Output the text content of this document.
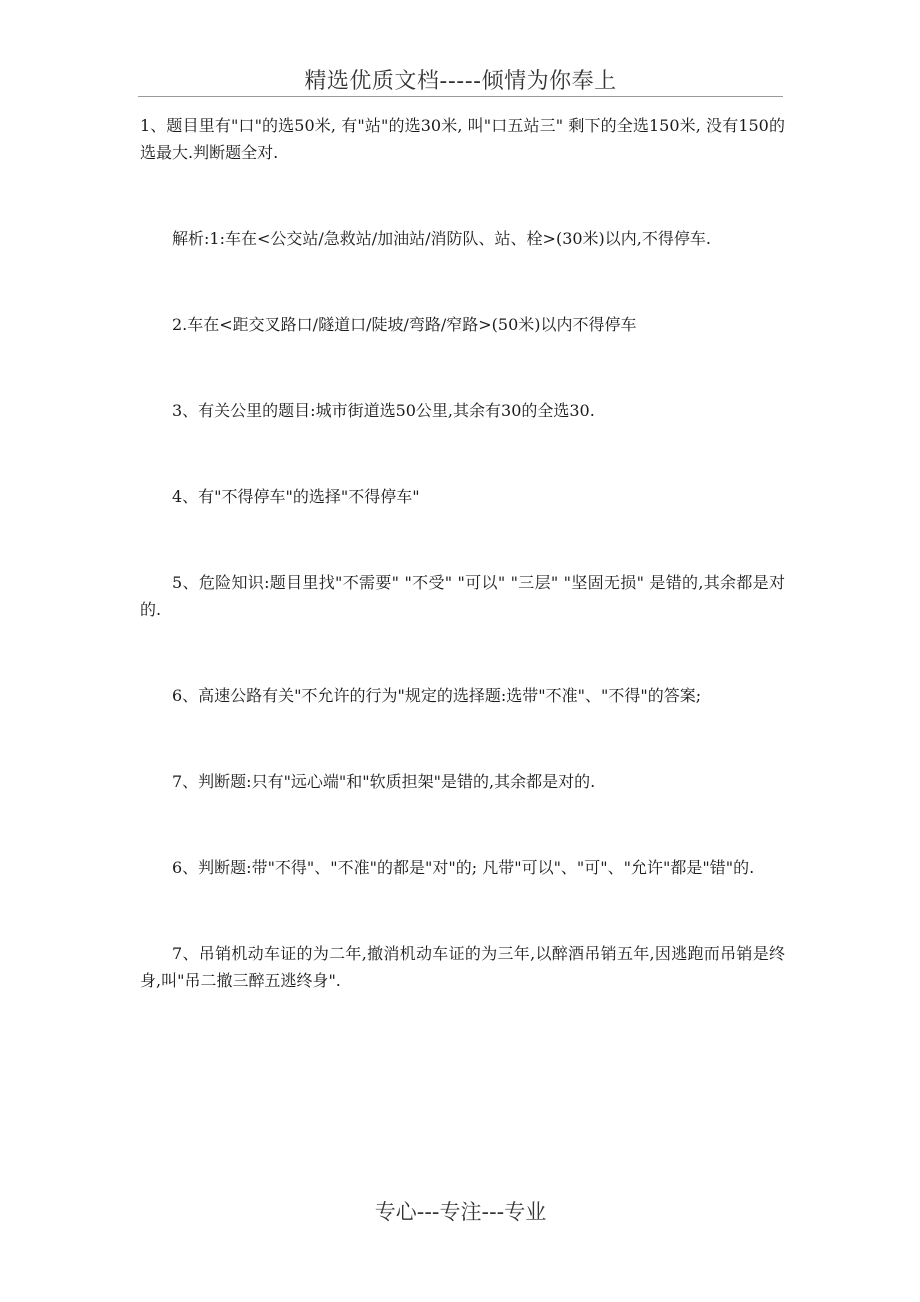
精选优质文档-----倾情为你奉上

1、题目里有"口"的选50米, 有"站"的选30米, 叫"口五站三" 剩下的全选150米, 没有150的选最大.判断题全对.

解析:1:车在<公交站/急救站/加油站/消防队、站、栓>(30米)以内,不得停车.

2.车在<距交叉路口/隧道口/陡坡/弯路/窄路>(50米)以内不得停车

3、有关公里的题目:城市街道选50公里,其余有30的全选30.

4、有"不得停车"的选择"不得停车"

5、危险知识:题目里找"不需要" "不受" "可以" "三层" "坚固无损" 是错的,其余都是对的.

6、高速公路有关"不允许的行为"规定的选择题:选带"不准"、"不得"的答案;

7、判断题:只有"远心端"和"软质担架"是错的,其余都是对的.

6、判断题:带"不得"、"不准"的都是"对"的; 凡带"可以"、"可"、"允许"都是"错"的.

7、吊销机动车证的为二年,撤消机动车证的为三年,以醉酒吊销五年,因逃跑而吊销是终身,叫"吊二撤三醉五逃终身".

专心---专注---专业
